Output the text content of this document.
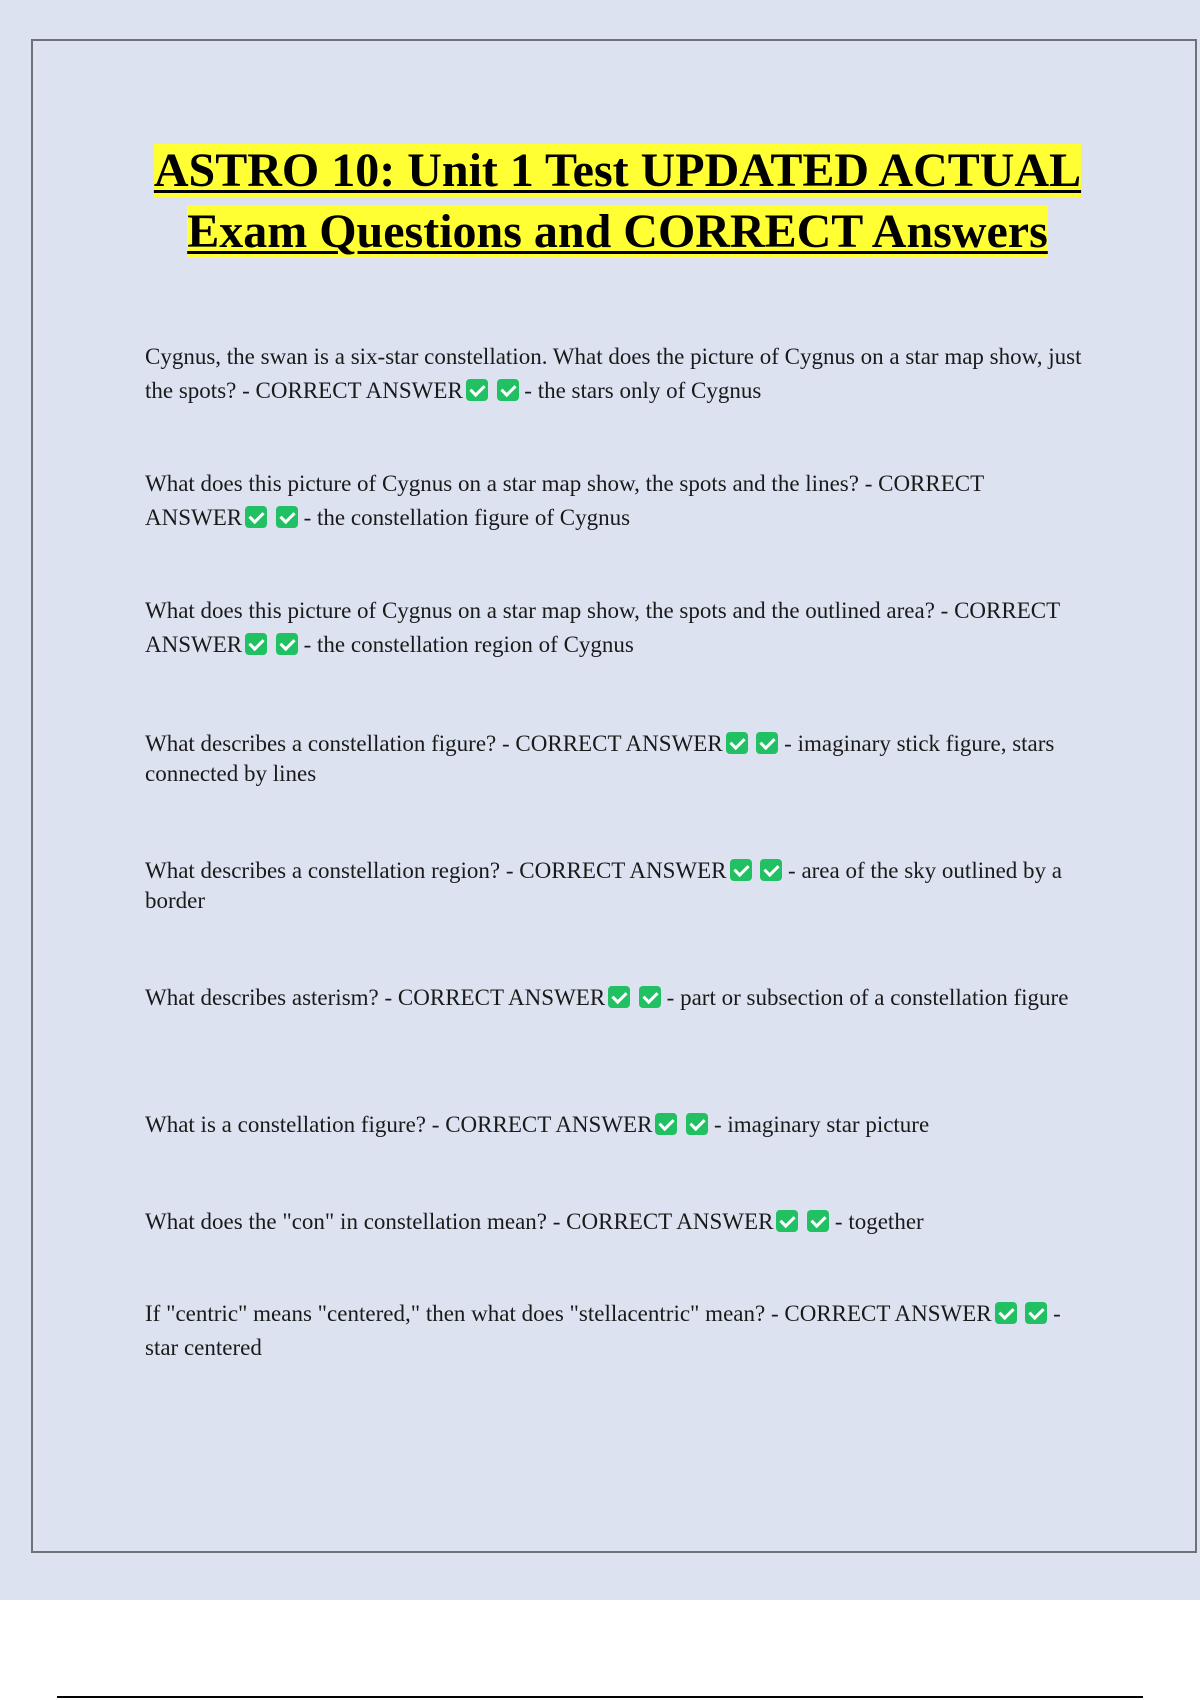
ASTRO 10: Unit 1 Test UPDATED ACTUAL Exam Questions and CORRECT Answers

Cygnus, the swan is a six-star constellation. What does the picture of Cygnus on a star map show, just the spots? - CORRECT ANSWER  - the stars only of Cygnus

What does this picture of Cygnus on a star map show, the spots and the lines? - CORRECT ANSWER  - the constellation figure of Cygnus

What does this picture of Cygnus on a star map show, the spots and the outlined area? - CORRECT ANSWER  - the constellation region of Cygnus

What describes a constellation figure? - CORRECT ANSWER  - imaginary stick figure, stars connected by lines

What describes a constellation region? - CORRECT ANSWER  - area of the sky outlined by a border

What describes asterism? - CORRECT ANSWER  - part or subsection of a constellation figure

What is a constellation figure? - CORRECT ANSWER  - imaginary star picture

What does the "con" in constellation mean? - CORRECT ANSWER  - together

If "centric" means "centered," then what does "stellacentric" mean? - CORRECT ANSWER  - star centered
